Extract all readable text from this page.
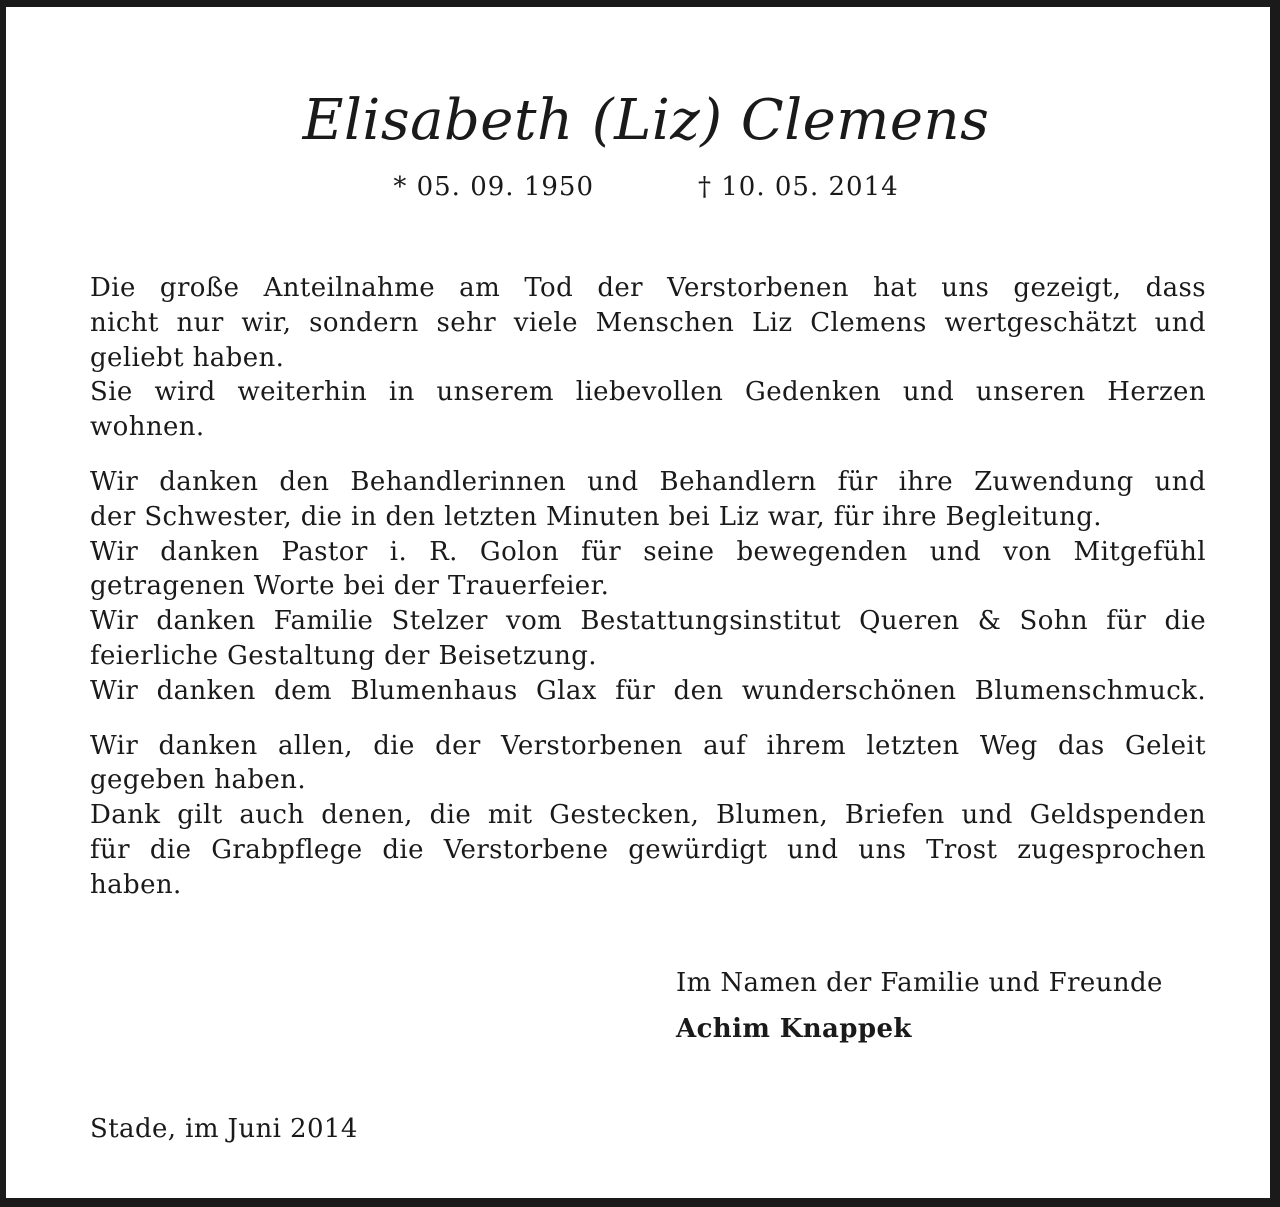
Elisabeth (Liz) Clemens
* 05. 09. 1950	† 10. 05. 2014

Die große Anteilnahme am Tod der Verstorbenen hat uns gezeigt, dass
nicht nur wir, sondern sehr viele Menschen Liz Clemens wertgeschätzt und
geliebt haben.
Sie wird weiterhin in unserem liebevollen Gedenken und unseren Herzen
wohnen.

Wir danken den Behandlerinnen und Behandlern für ihre Zuwendung und
der Schwester, die in den letzten Minuten bei Liz war, für ihre Begleitung.
Wir danken Pastor i. R. Golon für seine bewegenden und von Mitgefühl
getragenen Worte bei der Trauerfeier.
Wir danken Familie Stelzer vom Bestattungsinstitut Queren & Sohn für die
feierliche Gestaltung der Beisetzung.
Wir danken dem Blumenhaus Glax für den wunderschönen Blumenschmuck.

Wir danken allen, die der Verstorbenen auf ihrem letzten Weg das Geleit
gegeben haben.
Dank gilt auch denen, die mit Gestecken, Blumen, Briefen und Geldspenden
für die Grabpflege die Verstorbene gewürdigt und uns Trost zugesprochen
haben.

Im Namen der Familie und Freunde
Achim Knappek
Stade, im Juni 2014
